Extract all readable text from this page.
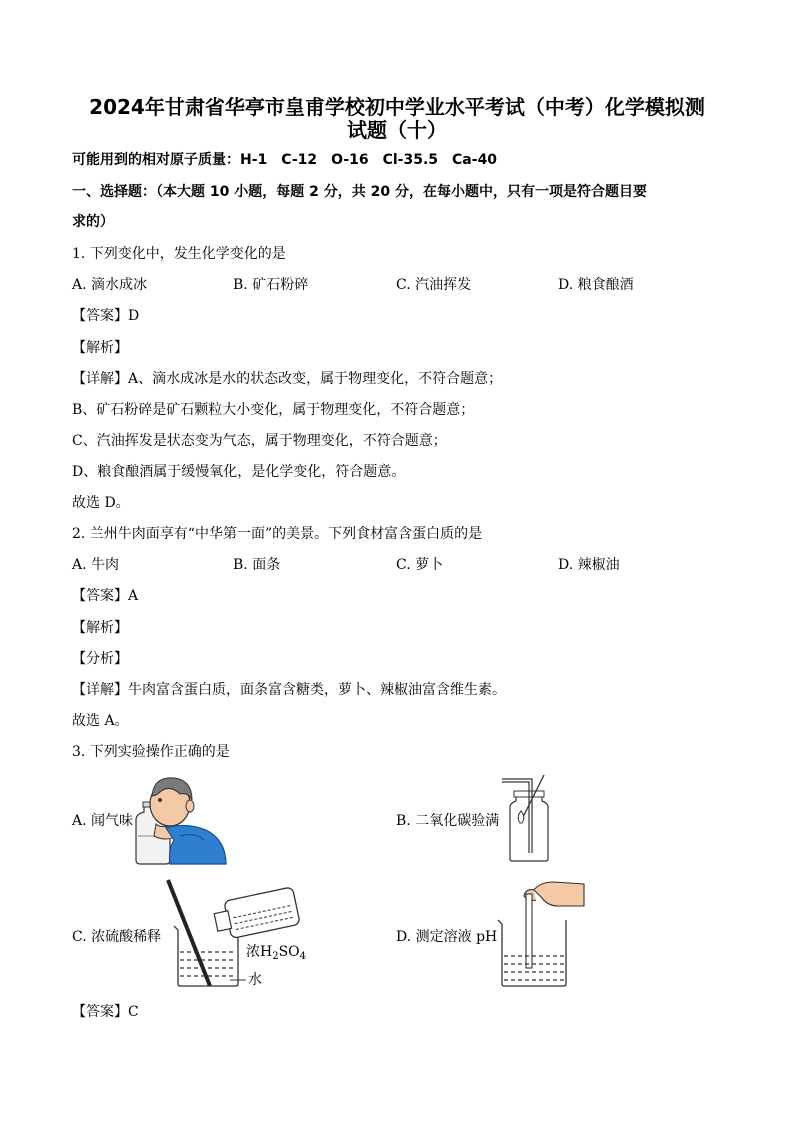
2024年甘肃省华亭市皇甫学校初中学业水平考试（中考）化学模拟测
试题（十）
可能用到的相对原子质量：H-1　C-12　O-16　Cl-35.5　Ca-40
一、选择题：（本大题 10 小题，每题 2 分，共 20 分，在每小题中，只有一项是符合题目要
求的）
1. 下列变化中，发生化学变化的是
A. 滴水成冰	B. 矿石粉碎	C. 汽油挥发	D. 粮食酿酒
【答案】D
【解析】
【详解】A、滴水成冰是水的状态改变，属于物理变化，不符合题意；
B、矿石粉碎是矿石颗粒大小变化，属于物理变化，不符合题意；
C、汽油挥发是状态变为气态，属于物理变化，不符合题意；
D、粮食酿酒属于缓慢氧化，是化学变化，符合题意。
故选 D。
2. 兰州牛肉面享有“中华第一面”的美景。下列食材富含蛋白质的是
A. 牛肉	B. 面条	C. 萝卜	D. 辣椒油
【答案】A
【解析】
【分析】
【详解】牛肉富含蛋白质，面条富含糖类，萝卜、辣椒油富含维生素。
故选 A。
3. 下列实验操作正确的是
A. 闻气味	B. 二氧化碳验满
C. 浓硫酸稀释
浓$H_2SO_4$
水
D. 测定溶液 pH
【答案】C
